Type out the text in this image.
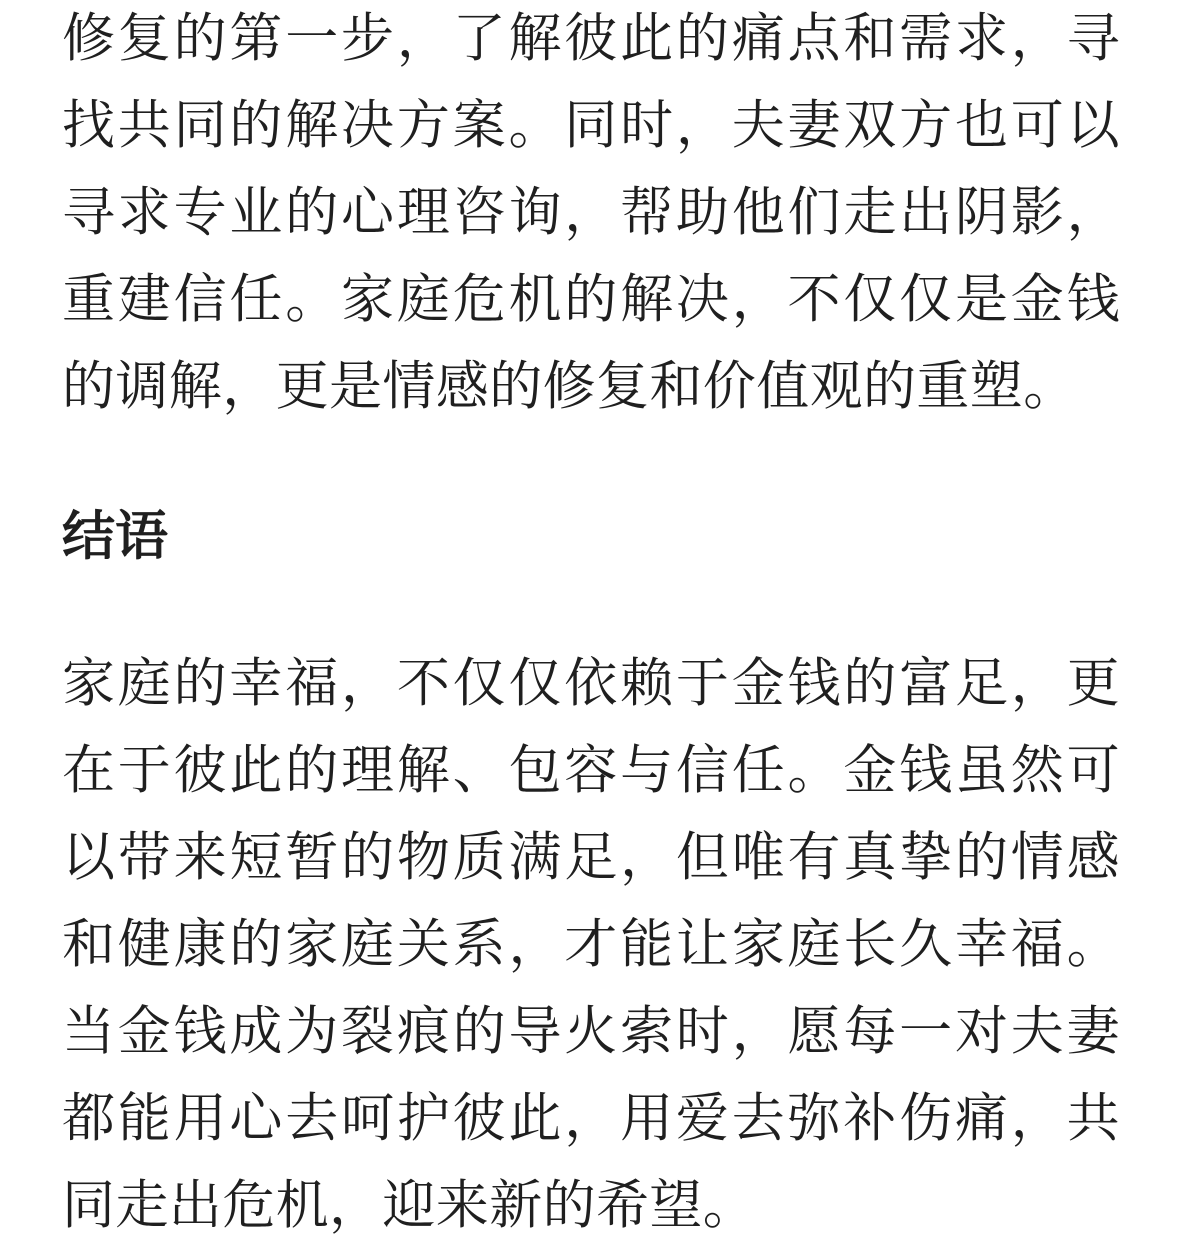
修复的第一步，了解彼此的痛点和需求，寻找共同的解决方案。同时，夫妻双方也可以寻求专业的心理咨询，帮助他们走出阴影，重建信任。家庭危机的解决，不仅仅是金钱的调解，更是情感的修复和价值观的重塑。

结语

家庭的幸福，不仅仅依赖于金钱的富足，更在于彼此的理解、包容与信任。金钱虽然可以带来短暂的物质满足，但唯有真挚的情感和健康的家庭关系，才能让家庭长久幸福。当金钱成为裂痕的导火索时，愿每一对夫妻都能用心去呵护彼此，用爱去弥补伤痛，共同走出危机，迎来新的希望。
